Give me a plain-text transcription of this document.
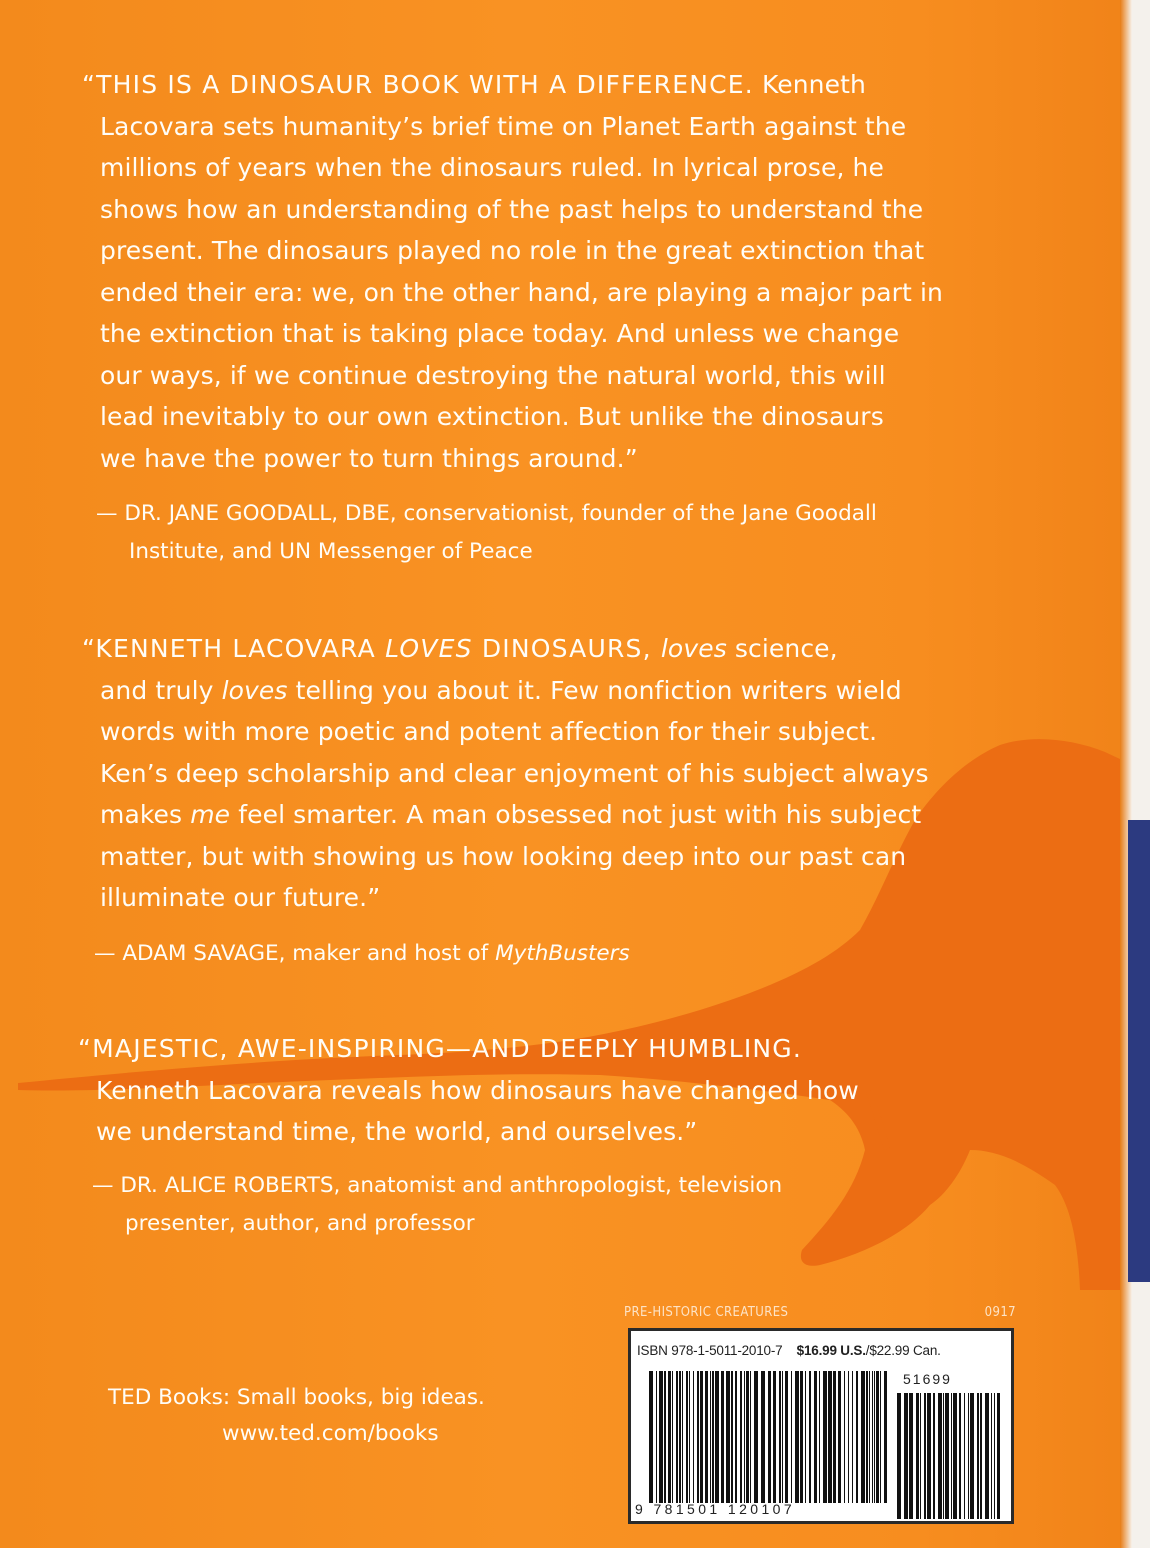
“THIS IS A DINOSAUR BOOK WITH A DIFFERENCE. Kenneth
Lacovara sets humanity’s brief time on Planet Earth against the
millions of years when the dinosaurs ruled. In lyrical prose, he
shows how an understanding of the past helps to understand the
present. The dinosaurs played no role in the great extinction that
ended their era: we, on the other hand, are playing a major part in
the extinction that is taking place today. And unless we change
our ways, if we continue destroying the natural world, this will
lead inevitably to our own extinction. But unlike the dinosaurs
we have the power to turn things around.”

— DR. JANE GOODALL, DBE, conservationist, founder of the Jane Goodall
Institute, and UN Messenger of Peace

“KENNETH LACOVARA LOVES DINOSAURS, loves science,
and truly loves telling you about it. Few nonfiction writers wield
words with more poetic and potent affection for their subject.
Ken’s deep scholarship and clear enjoyment of his subject always
makes me feel smarter. A man obsessed not just with his subject
matter, but with showing us how looking deep into our past can
illuminate our future.”

— ADAM SAVAGE, maker and host of MythBusters

“MAJESTIC, AWE-INSPIRING—AND DEEPLY HUMBLING.
Kenneth Lacovara reveals how dinosaurs have changed how
we understand time, the world, and ourselves.”

— DR. ALICE ROBERTS, anatomist and anthropologist, television
presenter, author, and professor

TED Books: Small books, big ideas.
www.ted.com/books
PRE-HISTORIC CREATURES	0917
ISBN 978-1-5011-2010-7 $16.99 U.S./$22.99 Can.
51699
9 781501 120107
